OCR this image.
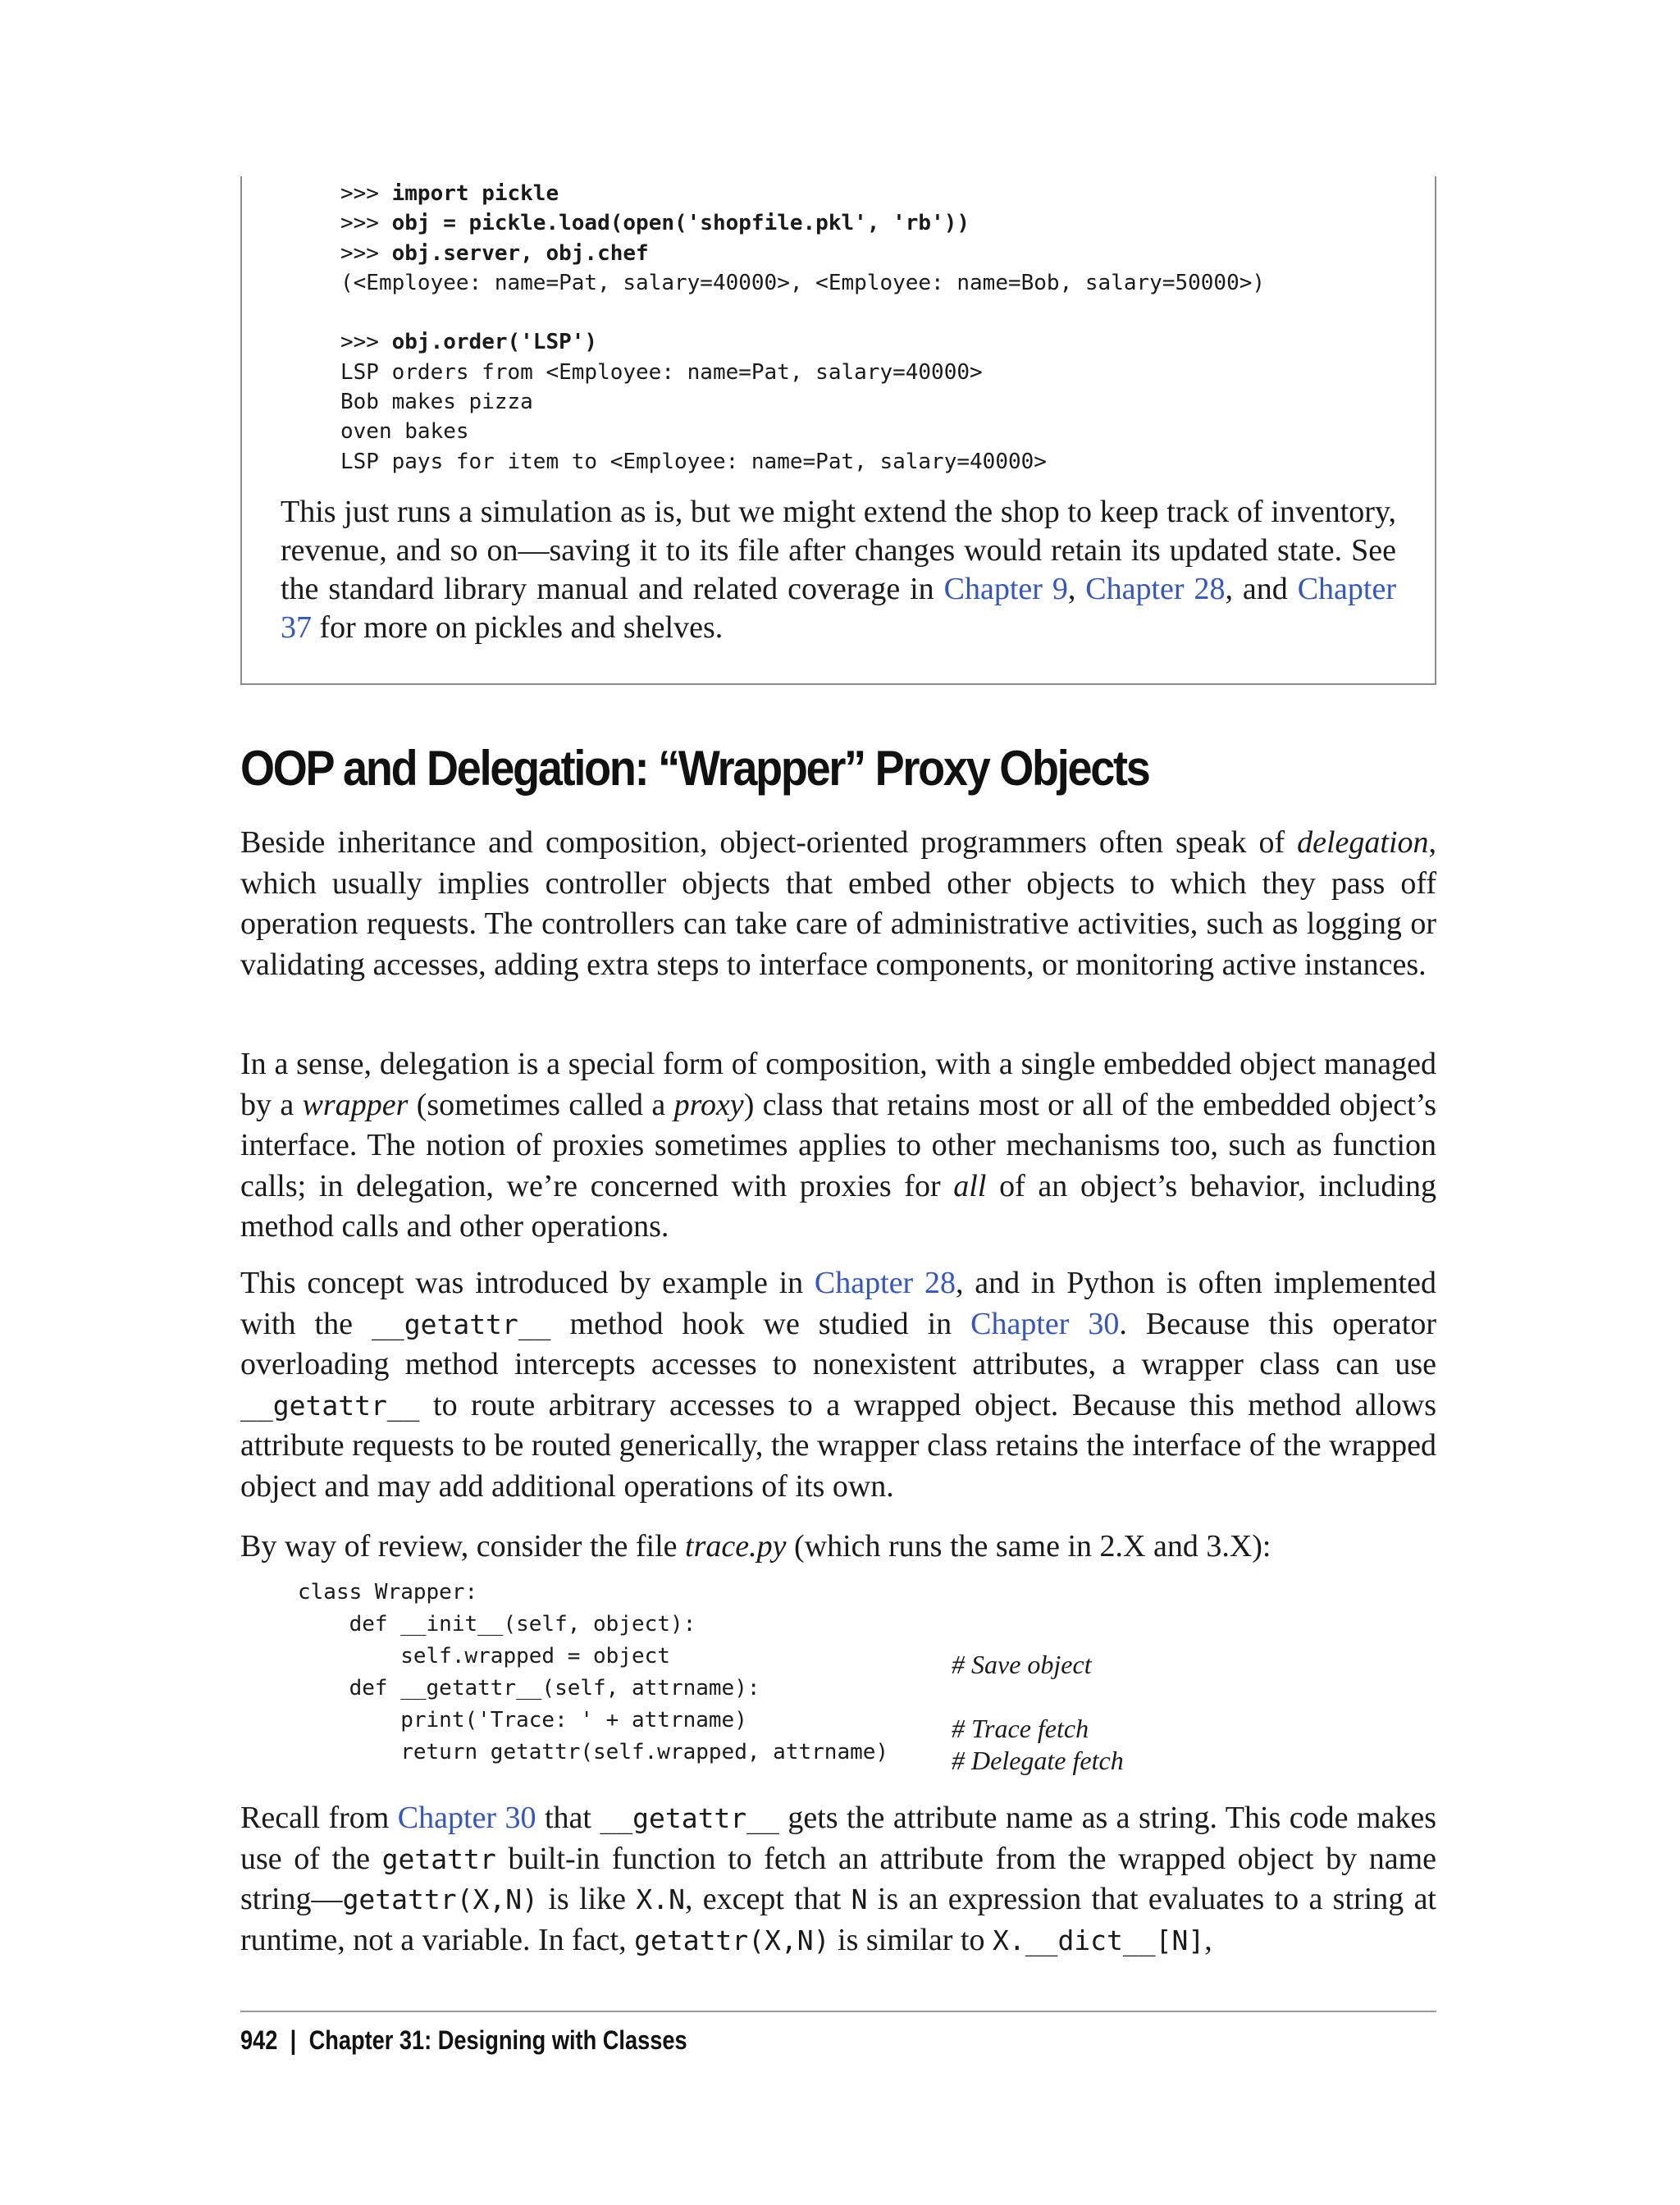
>>> import pickle
>>> obj = pickle.load(open('shopfile.pkl', 'rb'))
>>> obj.server, obj.chef
(<Employee: name=Pat, salary=40000>, <Employee: name=Bob, salary=50000>)
>>> obj.order('LSP')
LSP orders from <Employee: name=Pat, salary=40000>
Bob makes pizza
oven bakes
LSP pays for item to <Employee: name=Pat, salary=40000>

This just runs a simulation as is, but we might extend the shop to keep track of inventory, revenue, and so on—saving it to its file after changes would retain its updated state. See the standard library manual and related coverage in Chapter 9, Chapter 28, and Chapter 37 for more on pickles and shelves.

OOP and Delegation: “Wrapper” Proxy Objects

Beside inheritance and composition, object-oriented programmers often speak of delegation, which usually implies controller objects that embed other objects to which they pass off operation requests. The controllers can take care of administrative activities, such as logging or validating accesses, adding extra steps to interface components, or monitoring active instances.

In a sense, delegation is a special form of composition, with a single embedded object managed by a wrapper (sometimes called a proxy) class that retains most or all of the embedded object’s interface. The notion of proxies sometimes applies to other mechanisms too, such as function calls; in delegation, we’re concerned with proxies for all of an object’s behavior, including method calls and other operations.

This concept was introduced by example in Chapter 28, and in Python is often implemented with the __getattr__ method hook we studied in Chapter 30. Because this operator overloading method intercepts accesses to nonexistent attributes, a wrapper class can use __getattr__ to route arbitrary accesses to a wrapped object. Because this method allows attribute requests to be routed generically, the wrapper class retains the interface of the wrapped object and may add additional operations of its own.

By way of review, consider the file trace.py (which runs the same in 2.X and 3.X):

class Wrapper:
def __init__(self, object):
self.wrapped = object
def __getattr__(self, attrname):
print('Trace: ' + attrname)
return getattr(self.wrapped, attrname)
# Save object
# Trace fetch
# Delegate fetch

Recall from Chapter 30 that __getattr__ gets the attribute name as a string. This code makes use of the getattr built-in function to fetch an attribute from the wrapped object by name string—getattr(X,N) is like X.N, except that N is an expression that evaluates to a string at runtime, not a variable. In fact, getattr(X,N) is similar to X.__dict__[N],

942 | Chapter 31: Designing with Classes
